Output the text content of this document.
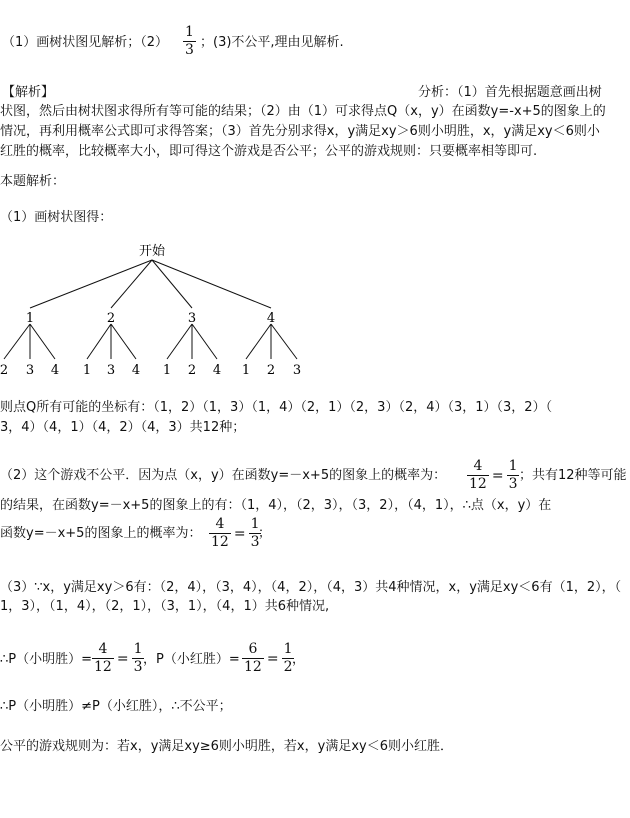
（1）画树状图见解析；（2）
1
3 ；(3)不公平,理由见解析.
【解析】	分析：（1）首先根据题意画出树
状图，然后由树状图求得所有等可能的结果；（2）由（1）可求得点Q（x，y）在函数y=-x+5的图象上的
情况，再利用概率公式即可求得答案；（3）首先分别求得x，y满足xy＞6则小明胜，x，y满足xy＜6则小
红胜的概率，比较概率大小，即可得这个游戏是否公平；公平的游戏规则：只要概率相等即可.
本题解析：
（1）画树状图得：
开始
1	2	3	4
2 3 4 1 3 4 1 2 4 1 2 3
则点Q所有可能的坐标有：（1，2）（1，3）（1，4）（2，1）（2，3）（2，4）（3，1）（3，2）（
3，4）（4，1）（4，2）（4，3）共12种；
（2）这个游戏不公平．因为点（x，y）在函数y=－x+5的图象上的概率为： $\frac{4}{12} = \frac{1}{3}$ ；共有12种等可能
的结果，在函数y=－x+5的图象上的有：（1，4），（2，3），（3，2），（4，1），∴点（x，y）在
函数y=－x+5的图象上的概率为： $\frac{4}{12} = \frac{1}{3}$
；
（3）∵x，y满足xy＞6有：（2，4），（3，4），（4，2），（4，3）共4种情况，x，y满足xy＜6有（1，2），（
1，3），（1，4），（2，1），（3，1），（4，1）共6种情况,
∴P（小明胜）= $\frac{4}{12} = \frac{1}{3}$
，P（小红胜）= $\frac{6}{12} = \frac{1}{2}$
，
∴P（小明胜）≠P（小红胜），∴不公平；
公平的游戏规则为：若x，y满足xy≥6则小明胜，若x，y满足xy＜6则小红胜．
